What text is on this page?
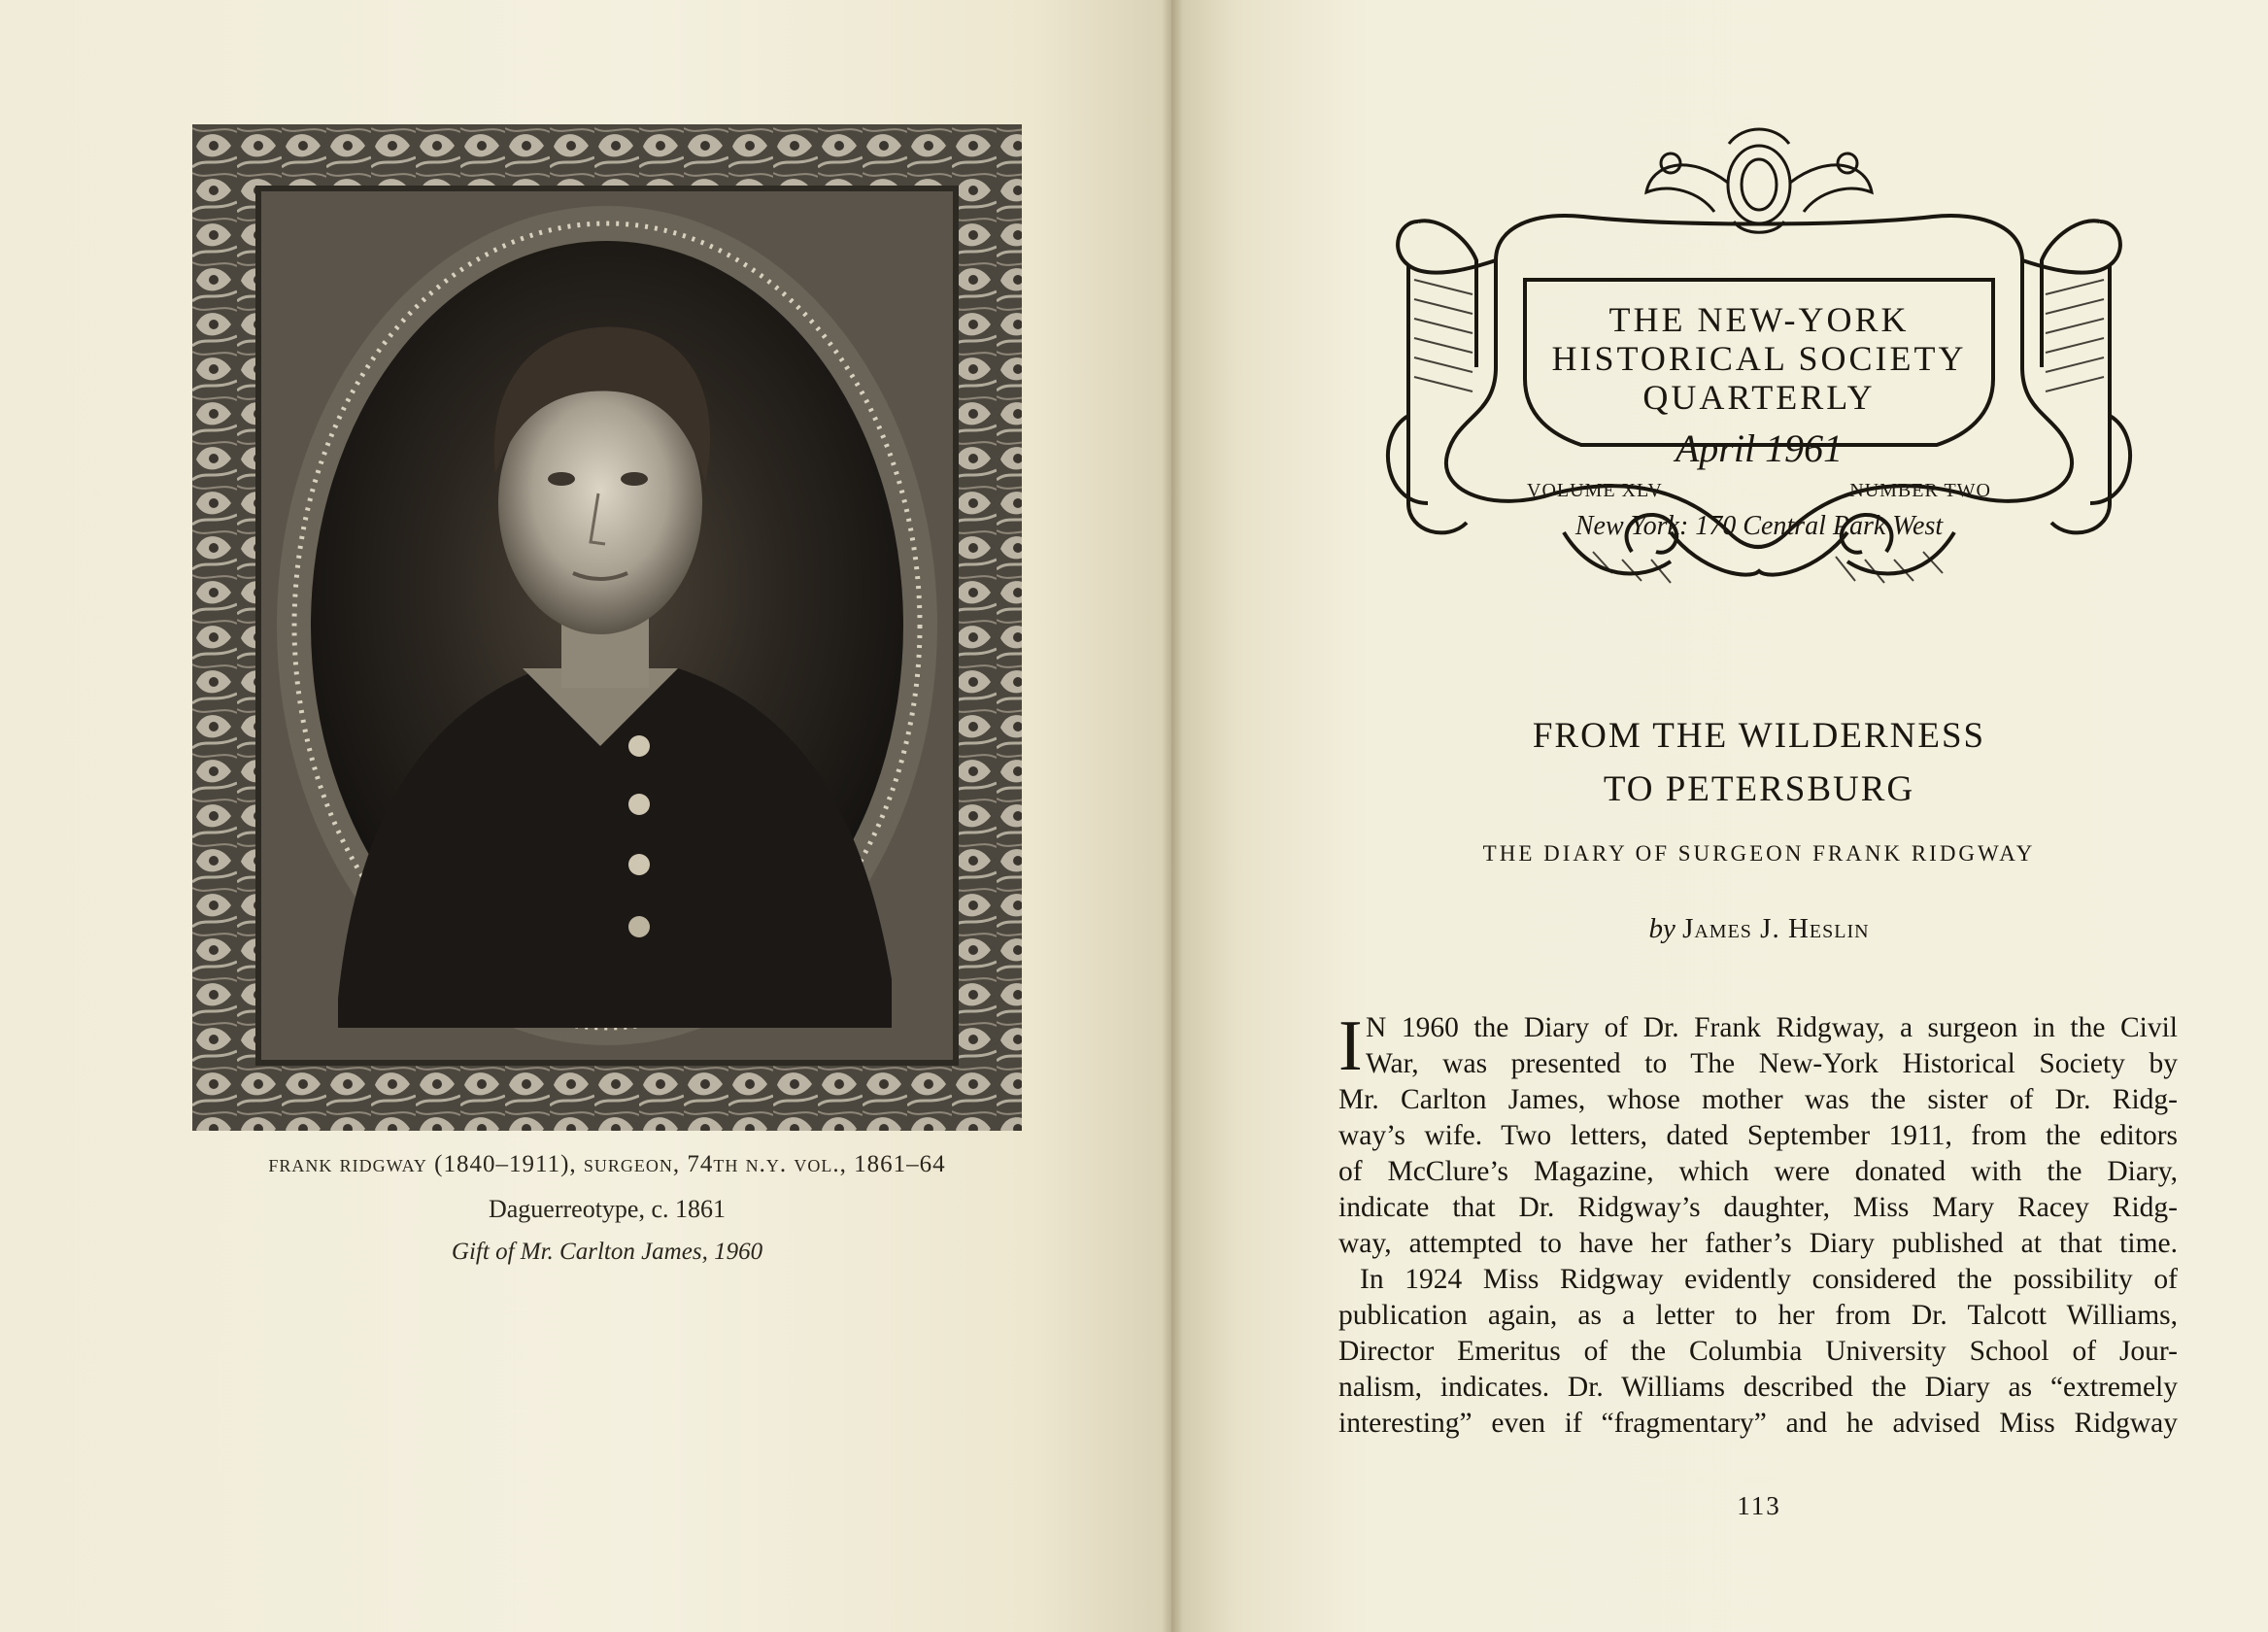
frank ridgway (1840–1911), surgeon, 74th n.y. vol., 1861–64
Daguerreotype, c. 1861
Gift of Mr. Carlton James, 1960
THE NEW-YORK
HISTORICAL SOCIETY
QUARTERLY
April 1961
VOLUME XLV	NUMBER TWO
New York: 170 Central Park West
FROM THE WILDERNESS
TO PETERSBURG
THE DIARY OF SURGEON FRANK RIDGWAY
by James J. Heslin
I N 1960 the Diary of Dr. Frank Ridgway, a surgeon in the Civil
War, was presented to The New-York Historical Society by
Mr. Carlton James, whose mother was the sister of Dr. Ridg-
way’s wife. Two letters, dated September 1911, from the editors
of McClure’s Magazine, which were donated with the Diary,
indicate that Dr. Ridgway’s daughter, Miss Mary Racey Ridg-
way, attempted to have her father’s Diary published at that time.
In 1924 Miss Ridgway evidently considered the possibility of
publication again, as a letter to her from Dr. Talcott Williams,
Director Emeritus of the Columbia University School of Jour-
nalism, indicates. Dr. Williams described the Diary as “extremely
interesting” even if “fragmentary” and he advised Miss Ridgway
113
